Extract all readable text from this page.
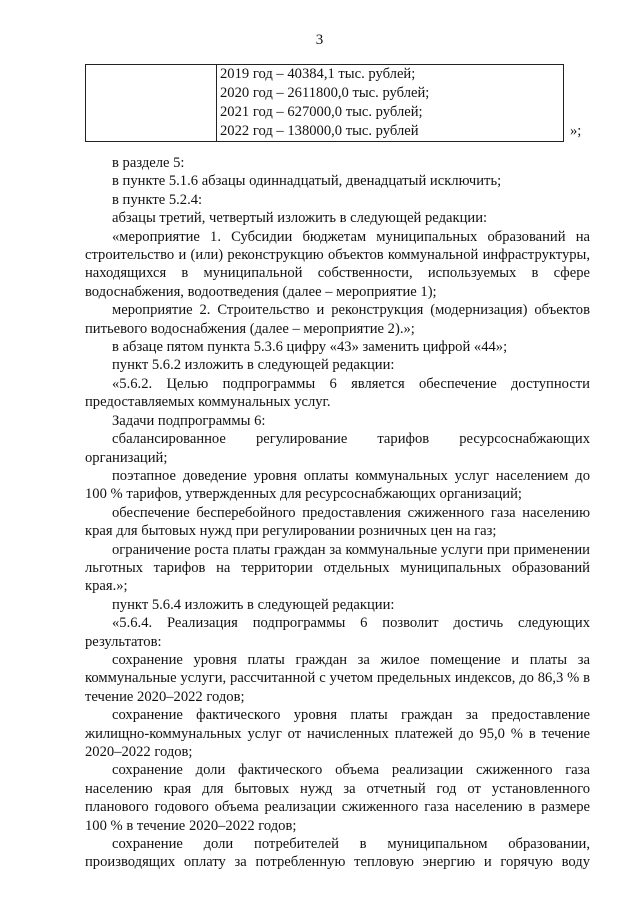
3
2019 год – 40384,1 тыс. рублей;
2020 год – 2611800,0 тыс. рублей;
2021 год – 627000,0 тыс. рублей;
2022 год – 138000,0 тыс. рублей	»;

в разделе 5:

в пункте 5.1.6 абзацы одиннадцатый, двенадцатый исключить;

в пункте 5.2.4:

абзацы третий, четвертый изложить в следующей редакции:

«мероприятие 1. Субсидии бюджетам муниципальных образований на строительство и (или) реконструкцию объектов коммунальной инфраструктуры, находящихся в муниципальной собственности, используемых в сфере водоснабжения, водоотведения (далее – мероприятие 1);

мероприятие 2. Строительство и реконструкция (модернизация) объектов питьевого водоснабжения (далее – мероприятие 2).»;

в абзаце пятом пункта 5.3.6 цифру «43» заменить цифрой «44»;

пункт 5.6.2 изложить в следующей редакции:

«5.6.2. Целью подпрограммы 6 является обеспечение доступности предоставляемых коммунальных услуг.

Задачи подпрограммы 6:

сбалансированное регулирование тарифов ресурсоснабжающих организаций;

поэтапное доведение уровня оплаты коммунальных услуг населением до 100 % тарифов, утвержденных для ресурсоснабжающих организаций;

обеспечение бесперебойного предоставления сжиженного газа населению края для бытовых нужд при регулировании розничных цен на газ;

ограничение роста платы граждан за коммунальные услуги при применении льготных тарифов на территории отдельных муниципальных образований края.»;

пункт 5.6.4 изложить в следующей редакции:

«5.6.4. Реализация подпрограммы 6 позволит достичь следующих результатов:

сохранение уровня платы граждан за жилое помещение и платы за коммунальные услуги, рассчитанной с учетом предельных индексов, до 86,3 % в течение 2020–2022 годов;

сохранение фактического уровня платы граждан за предоставление жилищно-коммунальных услуг от начисленных платежей до 95,0 % в течение 2020–2022 годов;

сохранение доли фактического объема реализации сжиженного газа населению края для бытовых нужд за отчетный год от установленного планового годового объема реализации сжиженного газа населению в размере 100 % в течение 2020–2022 годов;

сохранение доли потребителей в муниципальном образовании, производящих оплату за потребленную тепловую энергию и горячую воду
